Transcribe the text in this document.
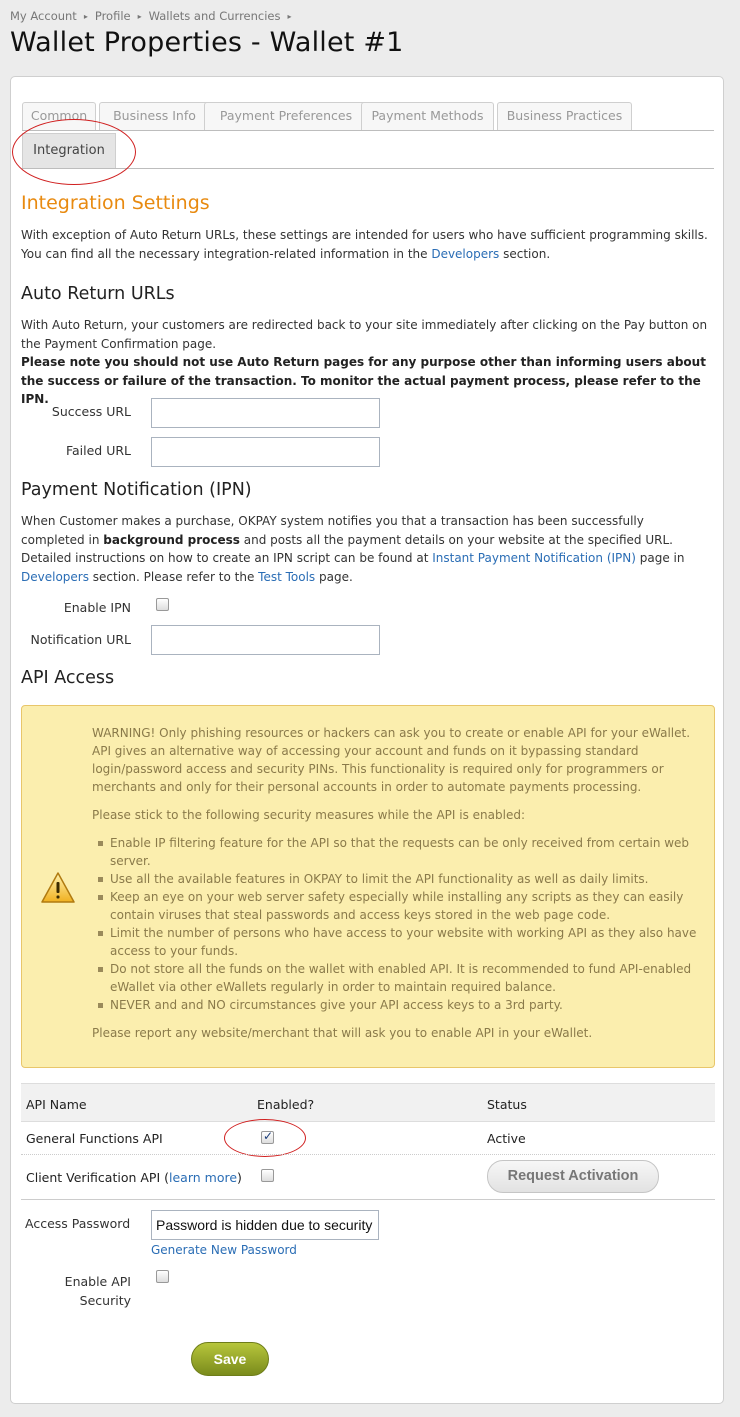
My Account ▸ Profile ▸ Wallets and Currencies ▸
Wallet Properties - Wallet #1
Common	Business Info	Payment Preferences	Payment Methods	Business Practices
Integration
Integration Settings
With exception of Auto Return URLs, these settings are intended for users who have sufficient programming skills.
You can find all the necessary integration-related information in the Developers section.
Auto Return URLs
With Auto Return, your customers are redirected back to your site immediately after clicking on the Pay button on the Payment Confirmation page.
Please note you should not use Auto Return pages for any purpose other than informing users about the success or failure of the transaction. To monitor the actual payment process, please refer to the IPN.
Success URL
Failed URL
Payment Notification (IPN)
When Customer makes a purchase, OKPAY system notifies you that a transaction has been successfully completed in background process and posts all the payment details on your website at the specified URL. Detailed instructions on how to create an IPN script can be found at Instant Payment Notification (IPN) page in Developers section. Please refer to the Test Tools page.
Enable IPN
Notification URL
API Access

WARNING! Only phishing resources or hackers can ask you to create or enable API for your eWallet. API gives an alternative way of accessing your account and funds on it bypassing standard login/password access and security PINs. This functionality is required only for programmers or merchants and only for their personal accounts in order to automate payments processing.

Please stick to the following security measures while the API is enabled:

Enable IP filtering feature for the API so that the requests can be only received from certain web server.
Use all the available features in OKPAY to limit the API functionality as well as daily limits.
Keep an eye on your web server safety especially while installing any scripts as they can easily contain viruses that steal passwords and access keys stored in the web page code.
Limit the number of persons who have access to your website with working API as they also have access to your funds.
Do not store all the funds on the wallet with enabled API. It is recommended to fund API-enabled eWallet via other eWallets regularly in order to maintain required balance.
NEVER and and NO circumstances give your API access keys to a 3rd party.

Please report any website/merchant that will ask you to enable API in your eWallet.

API Name	Enabled?	Status
General Functions API
✓	Active
Client Verification API (learn more)	Request Activation
Access Password
Password is hidden due to security
Generate New Password
Enable API
Security
Save
